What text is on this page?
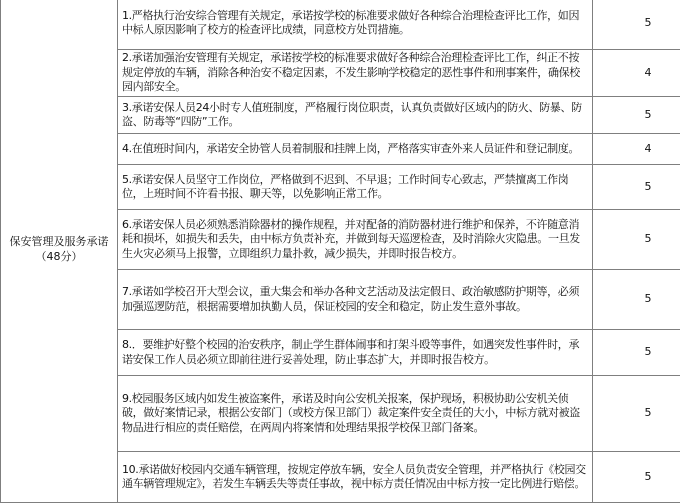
保安管理及服务承诺（48分）	1.严格执行治安综合管理有关规定，承诺按学校的标准要求做好各种综合治理检查评比工作，如因中标人原因影响了校方的检查评比成绩，同意校方处罚措施。	5
	2.承诺加强治安管理有关规定，承诺按学校的标准要求做好各种综合治理检查评比工作，纠正不按规定停放的车辆，消除各种治安不稳定因素，不发生影响学校稳定的恶性事件和刑事案件，确保校园内部安全。	4
	3.承诺安保人员24小时专人值班制度，严格履行岗位职责，认真负责做好区域内的防火、防暴、防盗、防毒等“四防”工作。	5
	4.在值班时间内，承诺安全协管人员着制服和挂牌上岗，严格落实审查外来人员证件和登记制度。	4
	5.承诺安保人员坚守工作岗位，严格做到不迟到、不早退；工作时间专心致志，严禁擅离工作岗位，上班时间不许看书报、聊天等，以免影响正常工作。	5
	6.承诺安保人员必须熟悉消除器材的操作规程，并对配备的消防器材进行维护和保养，不许随意消耗和损坏，如损失和丢失，由中标方负责补充，并做到每天巡逻检查，及时消除火灾隐患。一旦发生火灾必须马上报警，立即组织力量扑救，减少损失，并即时报告校方。	5
	7.承诺如学校召开大型会议，重大集会和举办各种文艺活动及法定假日、政治敏感防护期等，必须加强巡逻防范，根据需要增加执勤人员，保证校园的安全和稳定，防止发生意外事故。	5
	8.．要维护好整个校园的治安秩序，制止学生群体闹事和打架斗殴等事件，如遇突发性事件时，承诺安保工作人员必须立即前往进行妥善处理，防止事态扩大，并即时报告校方。	5
	9.校园服务区域内如发生被盗案件，承诺及时向公安机关报案，保护现场，积极协助公安机关侦破，做好案情记录，根据公安部门（或校方保卫部门）裁定案件安全责任的大小，中标方就对被盗物品进行相应的责任赔偿，在两周内将案情和处理结果报学校保卫部门备案。	5
	10.承诺做好校园内交通车辆管理，按规定停放车辆，安全人员负责安全管理，并严格执行《校园交通车辆管理规定》，若发生车辆丢失等责任事故，视中标方责任情况由中标方按一定比例进行赔偿。	5
